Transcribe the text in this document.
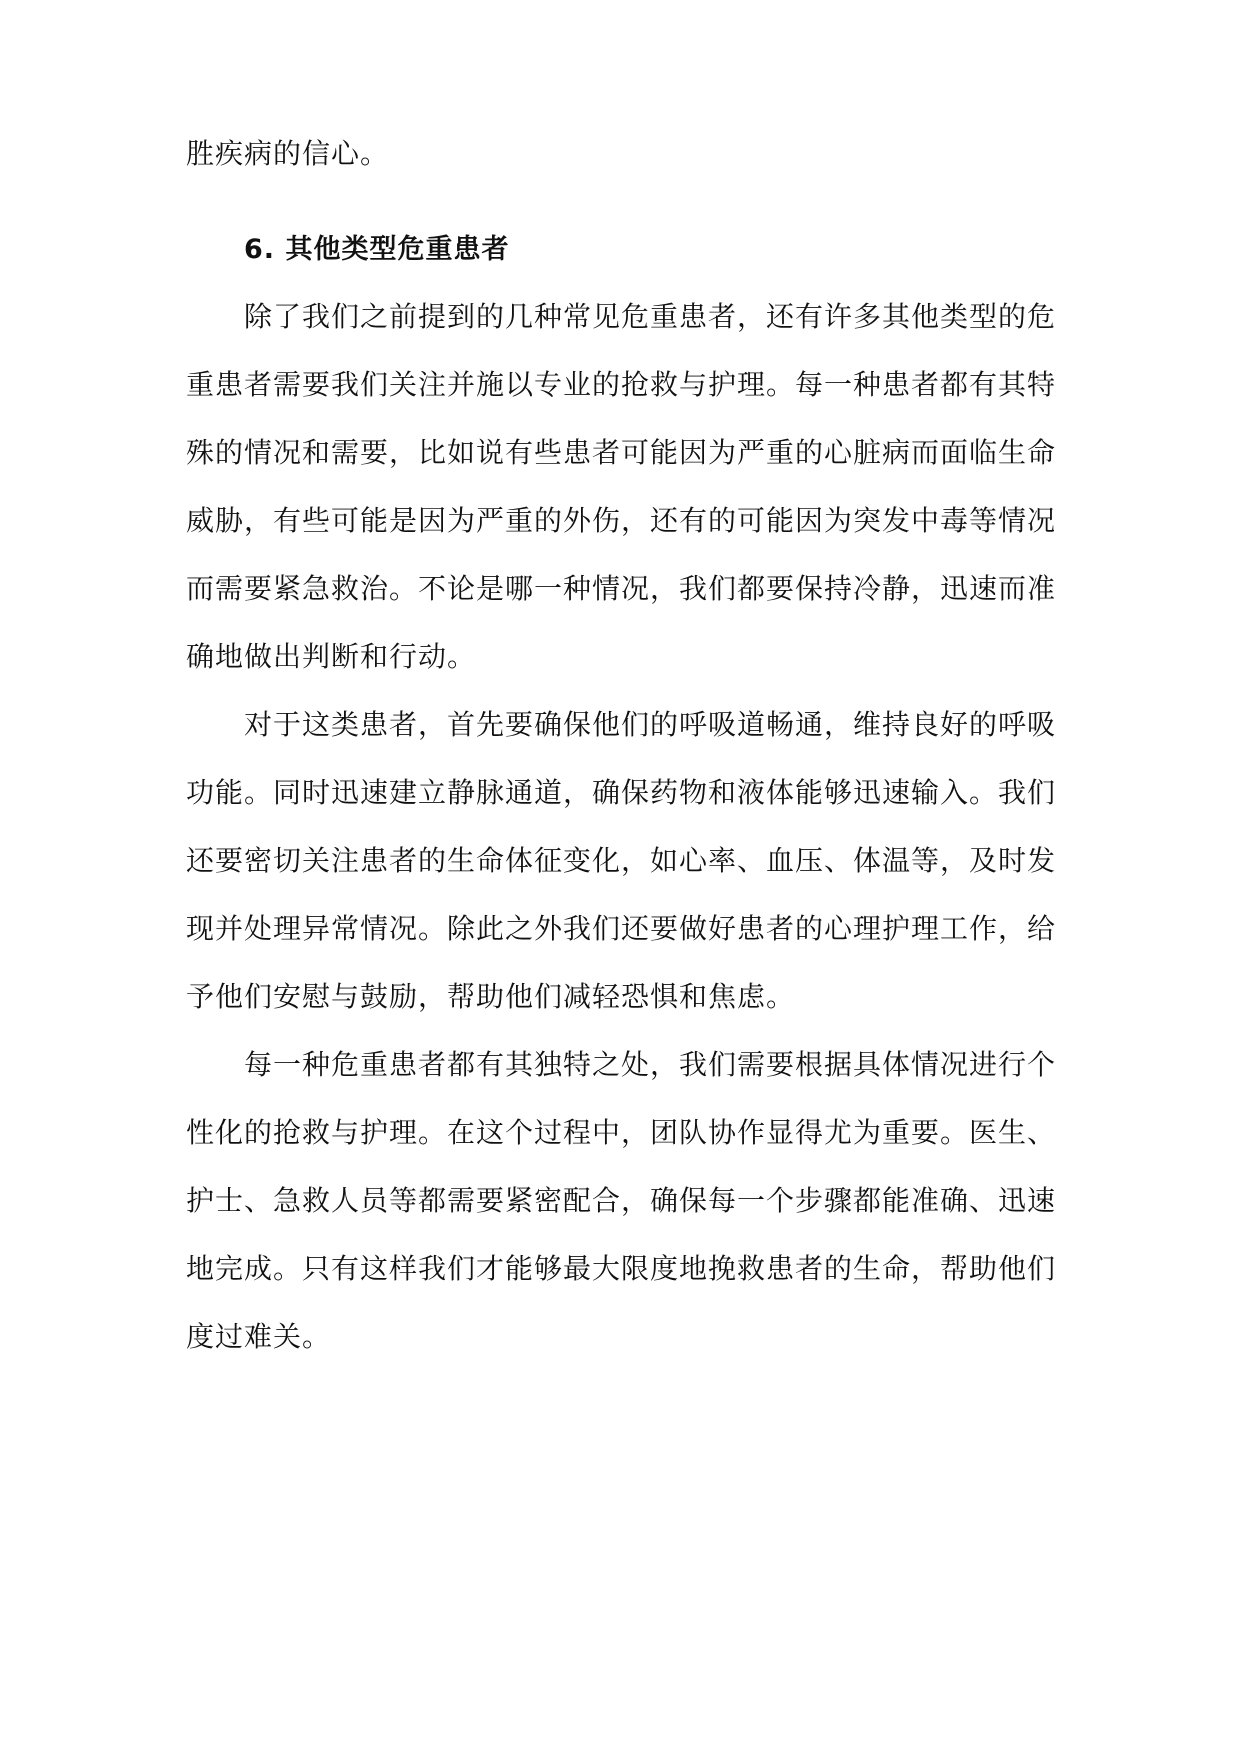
胜疾病的信心。
6. 其他类型危重患者
除了我们之前提到的几种常见危重患者，还有许多其他类型的危
重患者需要我们关注并施以专业的抢救与护理。每一种患者都有其特
殊的情况和需要，比如说有些患者可能因为严重的心脏病而面临生命
威胁，有些可能是因为严重的外伤，还有的可能因为突发中毒等情况
而需要紧急救治。不论是哪一种情况，我们都要保持冷静，迅速而准
确地做出判断和行动。
对于这类患者，首先要确保他们的呼吸道畅通，维持良好的呼吸
功能。同时迅速建立静脉通道，确保药物和液体能够迅速输入。我们
还要密切关注患者的生命体征变化，如心率、血压、体温等，及时发
现并处理异常情况。除此之外我们还要做好患者的心理护理工作，给
予他们安慰与鼓励，帮助他们减轻恐惧和焦虑。
每一种危重患者都有其独特之处，我们需要根据具体情况进行个
性化的抢救与护理。在这个过程中，团队协作显得尤为重要。医生、
护士、急救人员等都需要紧密配合，确保每一个步骤都能准确、迅速
地完成。只有这样我们才能够最大限度地挽救患者的生命，帮助他们
度过难关。
